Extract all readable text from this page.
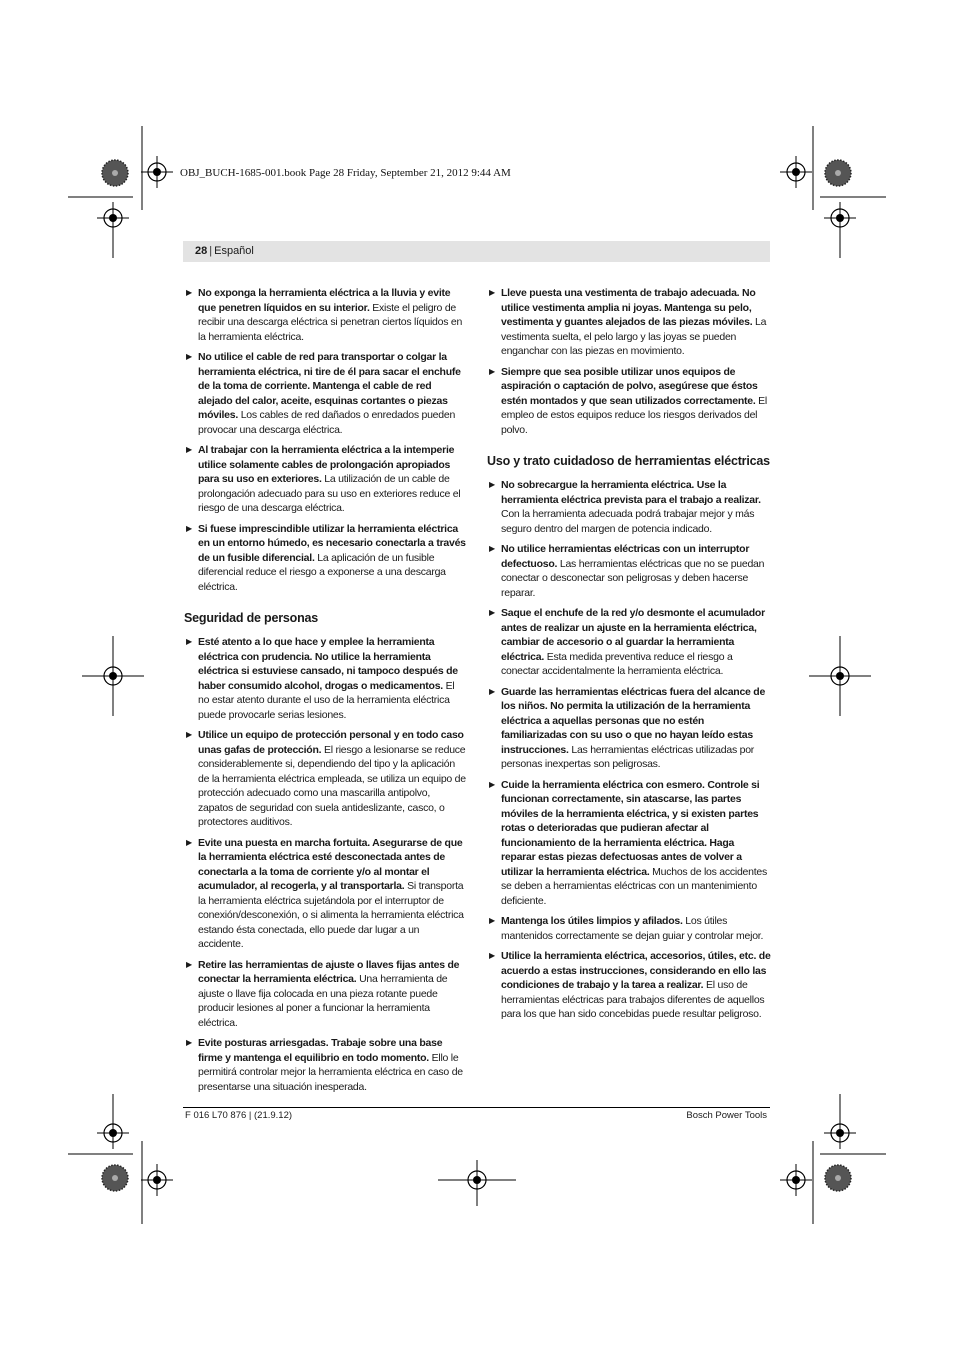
OBJ_BUCH-1685-001.book Page 28 Friday, September 21, 2012 9:44 AM
28 | Español
▶ No exponga la herramienta eléctrica a la lluvia y evite que penetren líquidos en su interior. Existe el peligro de recibir una descarga eléctrica si penetran ciertos líquidos en la herramienta eléctrica.
▶ No utilice el cable de red para transportar o colgar la herramienta eléctrica, ni tire de él para sacar el enchufe de la toma de corriente. Mantenga el cable de red alejado del calor, aceite, esquinas cortantes o piezas móviles. Los cables de red dañados o enredados pueden provocar una descarga eléctrica.
▶ Al trabajar con la herramienta eléctrica a la intemperie utilice solamente cables de prolongación apropiados para su uso en exteriores. La utilización de un cable de prolongación adecuado para su uso en exteriores reduce el riesgo de una descarga eléctrica.
▶ Si fuese imprescindible utilizar la herramienta eléctrica en un entorno húmedo, es necesario conectarla a través de un fusible diferencial. La aplicación de un fusible diferencial reduce el riesgo a exponerse a una descarga eléctrica.
Seguridad de personas
▶ Esté atento a lo que hace y emplee la herramienta eléctrica con prudencia. No utilice la herramienta eléctrica si estuviese cansado, ni tampoco después de haber consumido alcohol, drogas o medicamentos. El no estar atento durante el uso de la herramienta eléctrica puede provocarle serias lesiones.
▶ Utilice un equipo de protección personal y en todo caso unas gafas de protección. El riesgo a lesionarse se reduce considerablemente si, dependiendo del tipo y la aplicación de la herramienta eléctrica empleada, se utiliza un equipo de protección adecuado como una mascarilla antipolvo, zapatos de seguridad con suela antideslizante, casco, o protectores auditivos.
▶ Evite una puesta en marcha fortuita. Asegurarse de que la herramienta eléctrica esté desconectada antes de conectarla a la toma de corriente y/o al montar el acumulador, al recogerla, y al transportarla. Si transporta la herramienta eléctrica sujetándola por el interruptor de conexión/desconexión, o si alimenta la herramienta eléctrica estando ésta conectada, ello puede dar lugar a un accidente.
▶ Retire las herramientas de ajuste o llaves fijas antes de conectar la herramienta eléctrica. Una herramienta de ajuste o llave fija colocada en una pieza rotante puede producir lesiones al poner a funcionar la herramienta eléctrica.
▶ Evite posturas arriesgadas. Trabaje sobre una base firme y mantenga el equilibrio en todo momento. Ello le permitirá controlar mejor la herramienta eléctrica en caso de presentarse una situación inesperada.
▶ Lleve puesta una vestimenta de trabajo adecuada. No utilice vestimenta amplia ni joyas. Mantenga su pelo, vestimenta y guantes alejados de las piezas móviles. La vestimenta suelta, el pelo largo y las joyas se pueden enganchar con las piezas en movimiento.
▶ Siempre que sea posible utilizar unos equipos de aspiración o captación de polvo, asegúrese que éstos estén montados y que sean utilizados correctamente. El empleo de estos equipos reduce los riesgos derivados del polvo.
Uso y trato cuidadoso de herramientas eléctricas
▶ No sobrecargue la herramienta eléctrica. Use la herramienta eléctrica prevista para el trabajo a realizar. Con la herramienta adecuada podrá trabajar mejor y más seguro dentro del margen de potencia indicado.
▶ No utilice herramientas eléctricas con un interruptor defectuoso. Las herramientas eléctricas que no se puedan conectar o desconectar son peligrosas y deben hacerse reparar.
▶ Saque el enchufe de la red y/o desmonte el acumulador antes de realizar un ajuste en la herramienta eléctrica, cambiar de accesorio o al guardar la herramienta eléctrica. Esta medida preventiva reduce el riesgo a conectar accidentalmente la herramienta eléctrica.
▶ Guarde las herramientas eléctricas fuera del alcance de los niños. No permita la utilización de la herramienta eléctrica a aquellas personas que no estén familiarizadas con su uso o que no hayan leído estas instrucciones. Las herramientas eléctricas utilizadas por personas inexpertas son peligrosas.
▶ Cuide la herramienta eléctrica con esmero. Controle si funcionan correctamente, sin atascarse, las partes móviles de la herramienta eléctrica, y si existen partes rotas o deterioradas que pudieran afectar al funcionamiento de la herramienta eléctrica. Haga reparar estas piezas defectuosas antes de volver a utilizar la herramienta eléctrica. Muchos de los accidentes se deben a herramientas eléctricas con un mantenimiento deficiente.
▶ Mantenga los útiles limpios y afilados. Los útiles mantenidos correctamente se dejan guiar y controlar mejor.
▶ Utilice la herramienta eléctrica, accesorios, útiles, etc. de acuerdo a estas instrucciones, considerando en ello las condiciones de trabajo y la tarea a realizar. El uso de herramientas eléctricas para trabajos diferentes de aquellos para los que han sido concebidas puede resultar peligroso.
F 016 L70 876 | (21.9.12)	Bosch Power Tools
